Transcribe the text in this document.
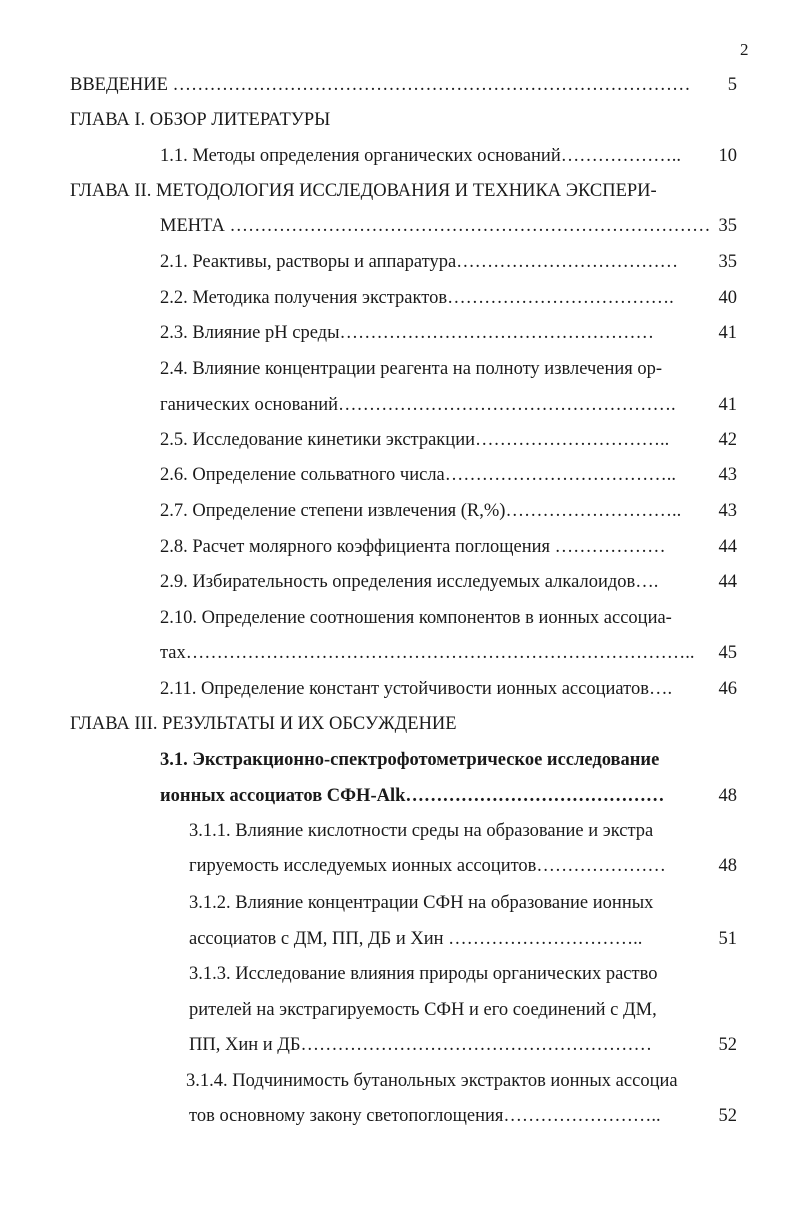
2
ВВЕДЕНИЕ …………………………………………………………………………	5
ГЛАВА I. ОБЗОР ЛИТЕРАТУРЫ
1.1. Методы определения органических оснований………………..	10
ГЛАВА II. МЕТОДОЛОГИЯ ИССЛЕДОВАНИЯ И ТЕХНИКА ЭКСПЕРИ-
МЕНТА …………………………………………………………………… 35
2.1. Реактивы, растворы и аппаратура………………………………	35
2.2. Методика получения экстрактов……………………………….	40
2.3. Влияние pH среды……………………………………………	41
2.4. Влияние концентрации реагента на полноту извлечения ор-
ганических оснований……………………………………………….	41
2.5. Исследование кинетики экстракции…………………………..	42
2.6. Определение сольватного числа………………………………..	43
2.7. Определение степени извлечения (R,%)………………………..	43
2.8. Расчет молярного коэффициента поглощения ………………	44
2.9. Избирательность определения исследуемых алкалоидов….	44
2.10. Определение соотношения компонентов в ионных ассоциа-
тах………………………………………………………………………..	45
2.11. Определение констант устойчивости ионных ассоциатов….	46
ГЛАВА III. РЕЗУЛЬТАТЫ И ИХ ОБСУЖДЕНИЕ
3.1. Экстракционно-спектрофотометрическое исследование
ионных ассоциатов СФН-Alk……………………………………	48
3.1.1. Влияние кислотности среды на образование и экстра
гируемость исследуемых ионных ассоцитов…………………	48
3.1.2. Влияние концентрации СФН на образование ионных
ассоциатов с ДМ, ПП, ДБ и Хин …………………………..	51
3.1.3. Исследование влияния природы органических раство
рителей на экстрагируемость СФН и его соединений с ДМ,
ПП, Хин и ДБ…………………………………………………	52
3.1.4. Подчинимость бутанольных экстрактов ионных ассоциа
тов основному закону светопоглощения……………………..	52
